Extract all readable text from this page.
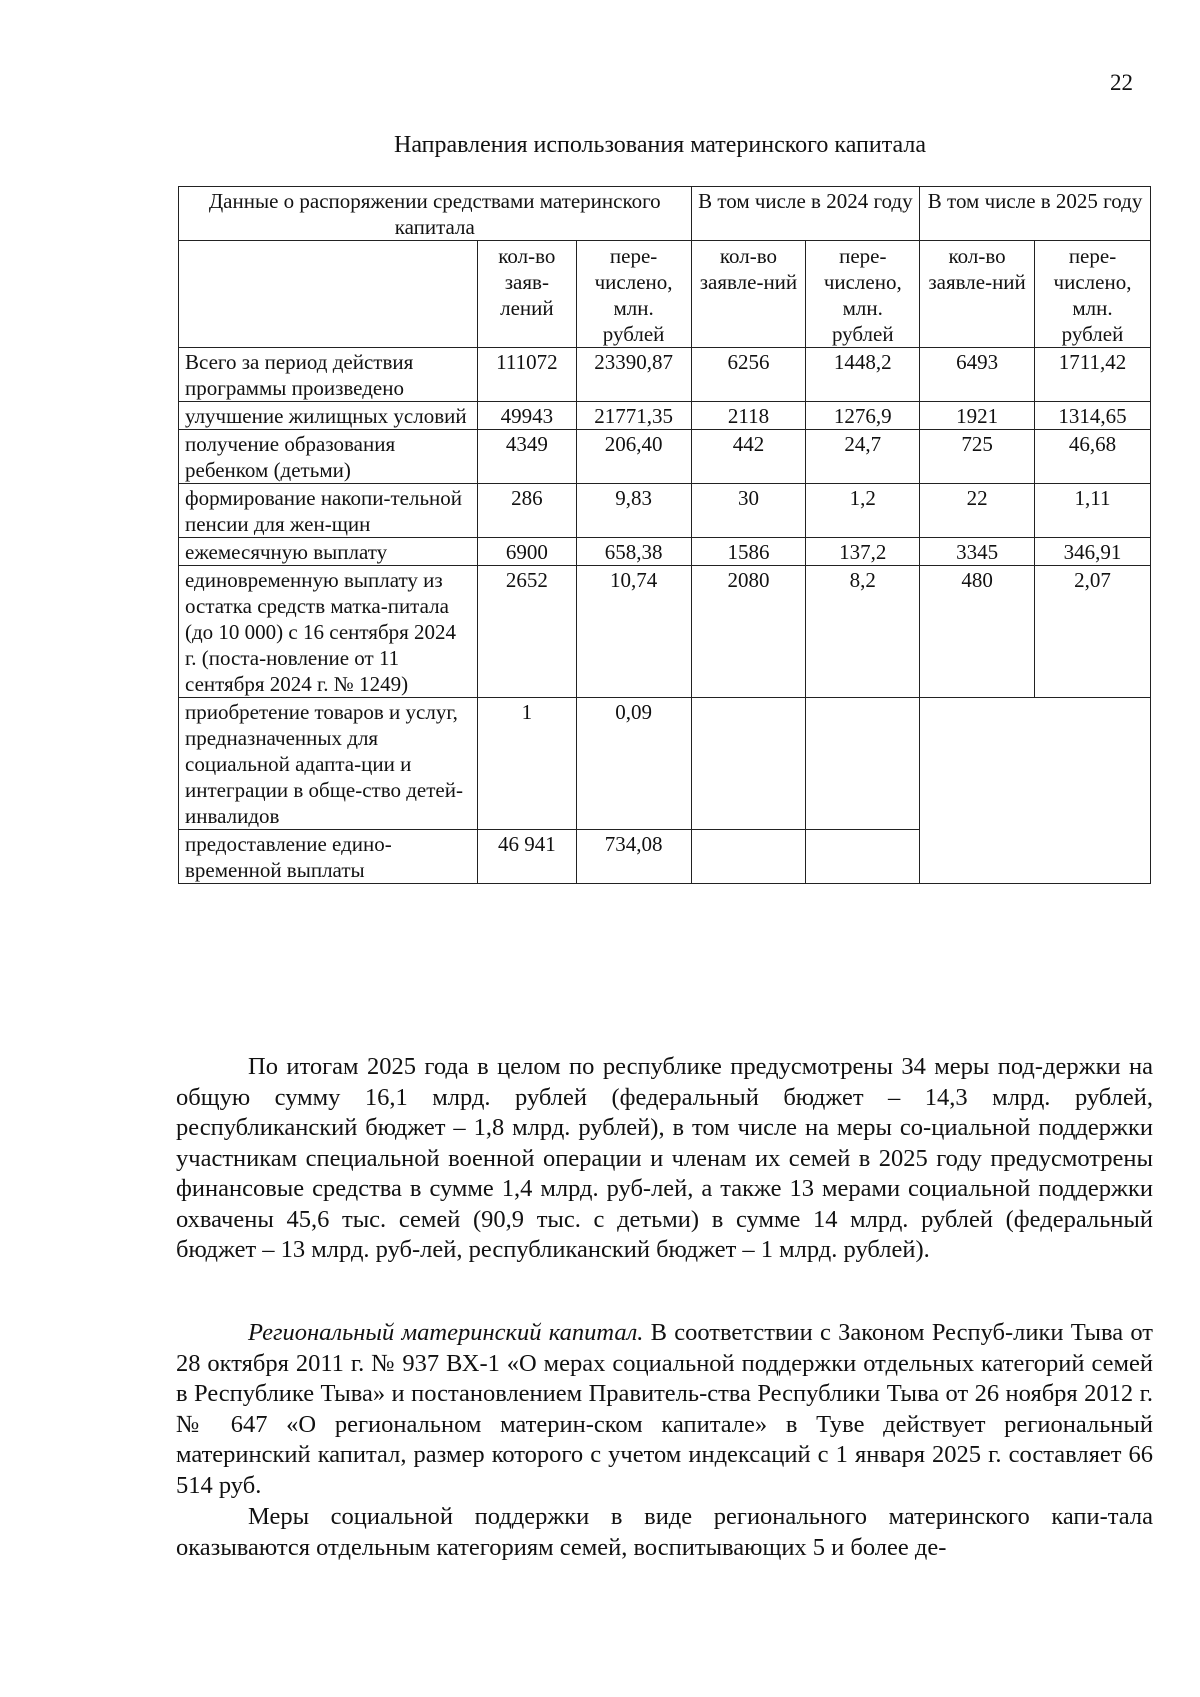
22
Направления использования материнского капитала
Данные о распоряжении средствами материнского капитала			В том числе в 2024 году		В том числе в 2025 году	
	кол-во заяв-лений	пере-числено, млн. рублей	кол-во заявле-ний	пере-числено, млн. рублей	кол-во заявле-ний	пере-числено, млн. рублей
Всего за период действия программы произведено	111072	23390,87	6256	1448,2	6493	1711,42
улучшение жилищных условий	49943	21771,35	2118	1276,9	1921	1314,65
получение образования ребенком (детьми)	4349	206,40	442	24,7	725	46,68
формирование накопи-тельной пенсии для жен-щин	286	9,83	30	1,2	22	1,11
ежемесячную выплату	6900	658,38	1586	137,2	3345	346,91
единовременную выплату из остатка средств матка-питала (до 10 000) с 16 сентября 2024 г. (поста-новление от 11 сентября 2024 г. № 1249)	2652	10,74	2080	8,2	480	2,07
приобретение товаров и услуг, предназначенных для социальной адапта-ции и интеграции в обще-ство детей-инвалидов	1	0,09				
предоставление едино-временной выплаты	46 941	734,08				

По итогам 2025 года в целом по республике предусмотрены 34 меры под-держки на общую сумму 16,1 млрд. рублей (федеральный бюджет – 14,3 млрд. рублей, республиканский бюджет – 1,8 млрд. рублей), в том числе на меры со-циальной поддержки участникам специальной военной операции и членам их семей в 2025 году предусмотрены финансовые средства в сумме 1,4 млрд. руб-лей, а также 13 мерами социальной поддержки охвачены 45,6 тыс. семей (90,9 тыс. с детьми) в сумме 14 млрд. рублей (федеральный бюджет – 13 млрд. руб-лей, республиканский бюджет – 1 млрд. рублей).

Региональный материнский капитал. В соответствии с Законом Респуб-лики Тыва от 28 октября 2011 г. № 937 ВХ-1 «О мерах социальной поддержки отдельных категорий семей в Республике Тыва» и постановлением Правитель-ства Республики Тыва от 26 ноября 2012 г. № 647 «О региональном материн-ском капитале» в Туве действует региональный материнский капитал, размер которого с учетом индексаций с 1 января 2025 г. составляет 66 514 руб.

Меры социальной поддержки в виде регионального материнского капи-тала оказываются отдельным категориям семей, воспитывающих 5 и более де-
